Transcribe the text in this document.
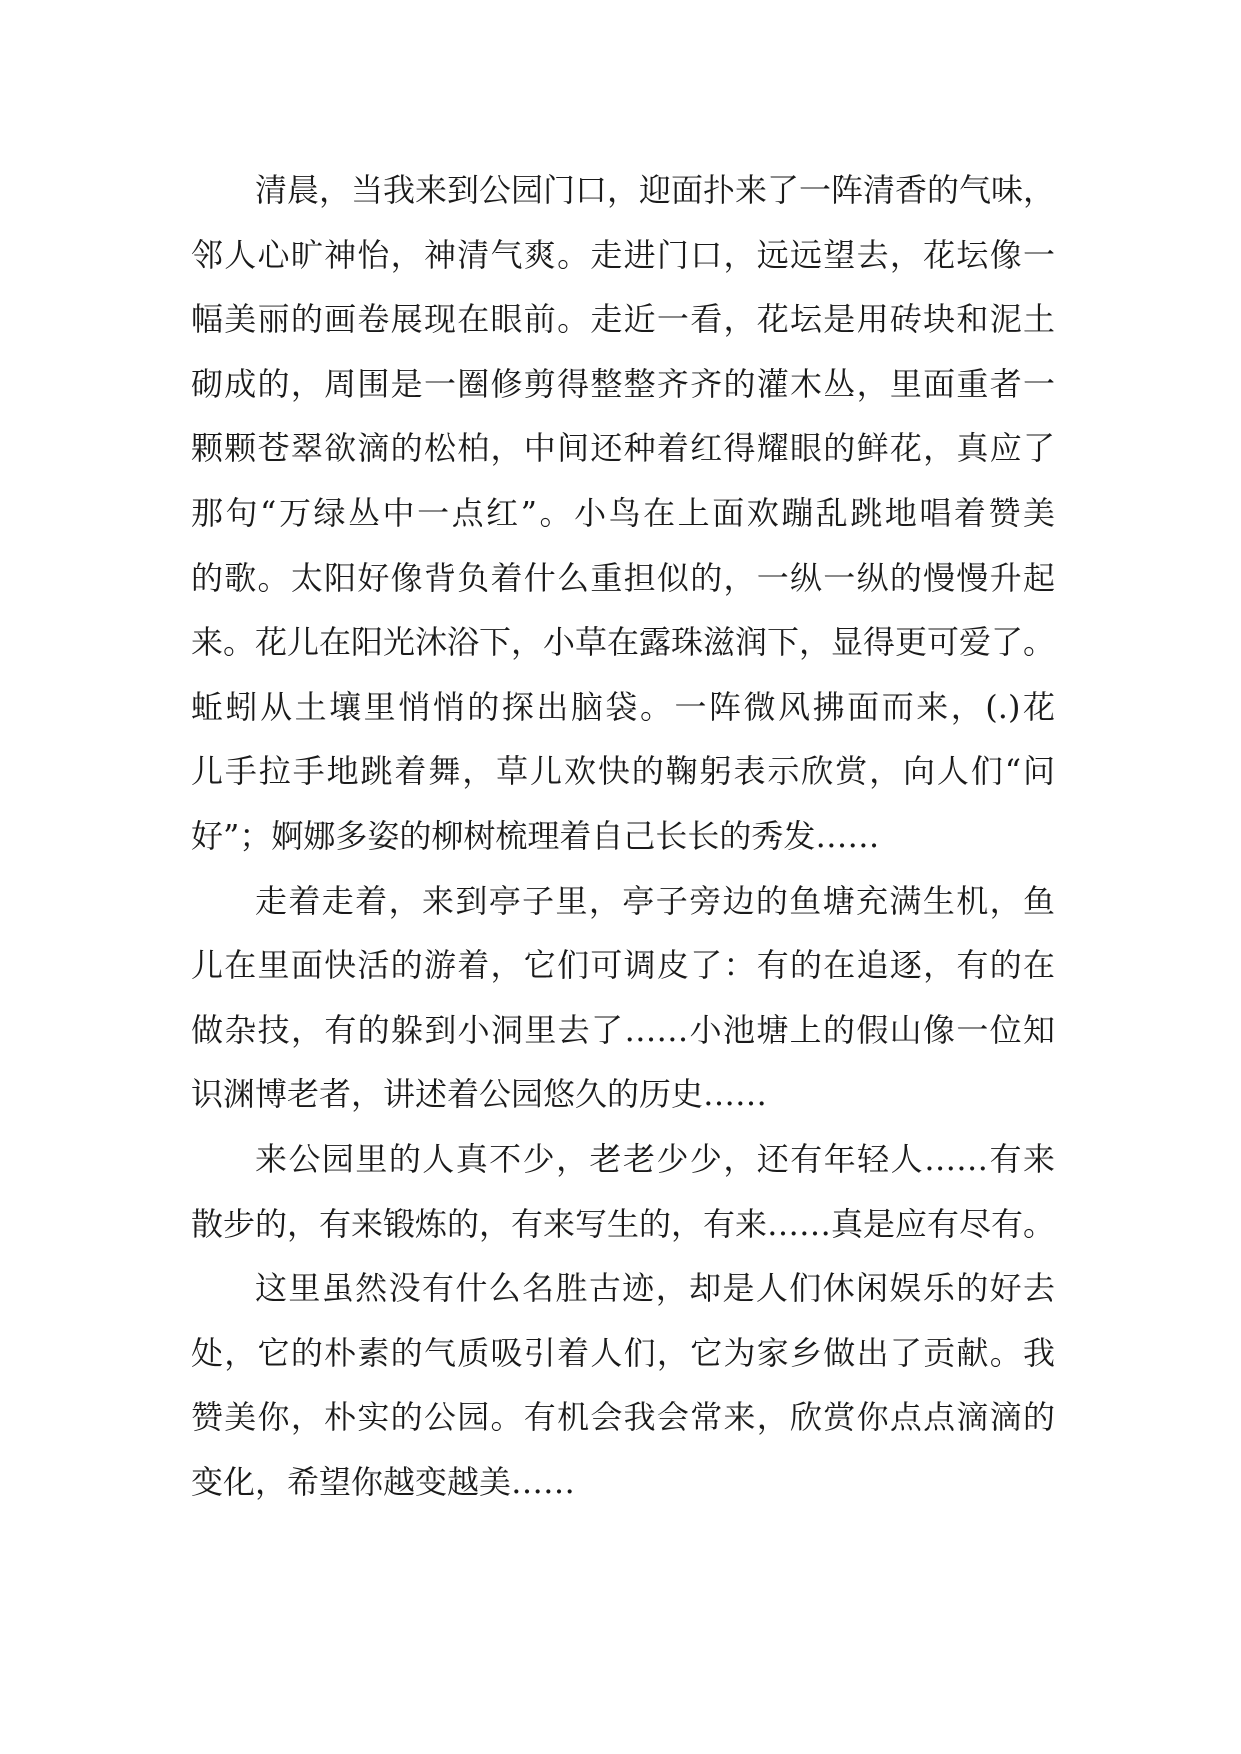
清晨，当我来到公园门口，迎面扑来了一阵清香的气味，
邻人心旷神怡，神清气爽。走进门口，远远望去，花坛像一
幅美丽的画卷展现在眼前。走近一看，花坛是用砖块和泥土
砌成的，周围是一圈修剪得整整齐齐的灌木丛，里面重者一
颗颗苍翠欲滴的松柏，中间还种着红得耀眼的鲜花，真应了
那句“万绿丛中一点红”。小鸟在上面欢蹦乱跳地唱着赞美
的歌。太阳好像背负着什么重担似的，一纵一纵的慢慢升起
来。花儿在阳光沐浴下，小草在露珠滋润下，显得更可爱了。
蚯蚓从土壤里悄悄的探出脑袋。一阵微风拂面而来，(.)花
儿手拉手地跳着舞，草儿欢快的鞠躬表示欣赏，向人们“问
好”；婀娜多姿的柳树梳理着自己长长的秀发……
走着走着，来到亭子里，亭子旁边的鱼塘充满生机，鱼
儿在里面快活的游着，它们可调皮了：有的在追逐，有的在
做杂技，有的躲到小洞里去了……小池塘上的假山像一位知
识渊博老者，讲述着公园悠久的历史……
来公园里的人真不少，老老少少，还有年轻人……有来
散步的，有来锻炼的，有来写生的，有来……真是应有尽有。
这里虽然没有什么名胜古迹，却是人们休闲娱乐的好去
处，它的朴素的气质吸引着人们，它为家乡做出了贡献。我
赞美你，朴实的公园。有机会我会常来，欣赏你点点滴滴的
变化，希望你越变越美……
